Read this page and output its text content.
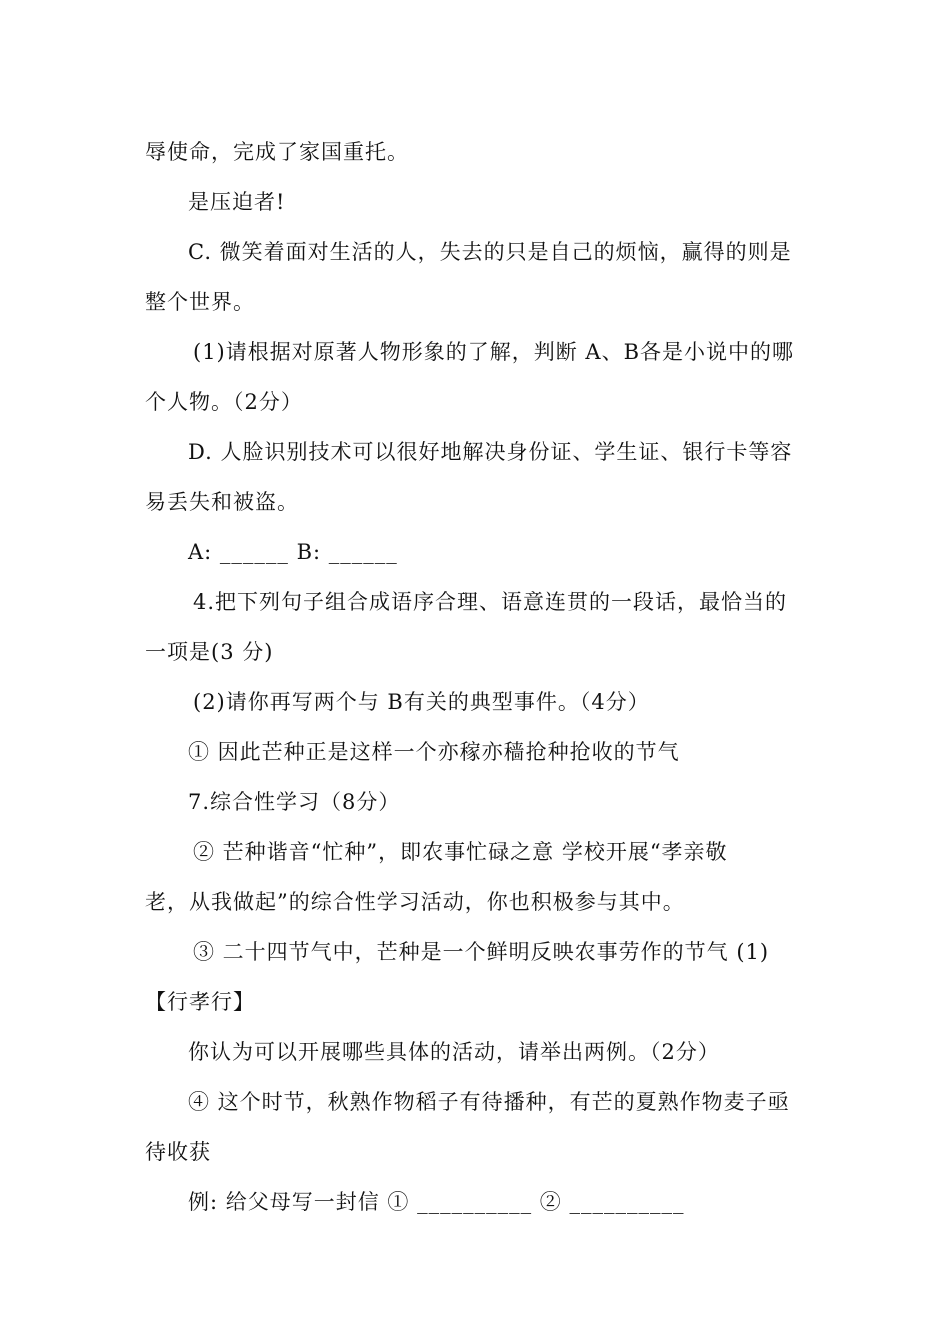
辱使命，完成了家国重托。
是压迫者!
C. 微笑着面对生活的人，失去的只是自己的烦恼，赢得的则是
整个世界。
(1)请根据对原著人物形象的了解，判断 A、B各是小说中的哪
个人物。（2分）
D. 人脸识别技术可以很好地解决身份证、学生证、银行卡等容
易丢失和被盗。
A: ______ B: ______
4.把下列句子组合成语序合理、语意连贯的一段话，最恰当的
一项是(3 分)
(2)请你再写两个与 B有关的典型事件。（4分）
① 因此芒种正是这样一个亦稼亦穑抢种抢收的节气
7.综合性学习（8分）
② 芒种谐音“忙种”，即农事忙碌之意 学校开展“孝亲敬
老，从我做起”的综合性学习活动，你也积极参与其中。
③ 二十四节气中，芒种是一个鲜明反映农事劳作的节气 (1)
【行孝行】
你认为可以开展哪些具体的活动，请举出两例。（2分）
④ 这个时节，秋熟作物稻子有待播种，有芒的夏熟作物麦子亟
待收获
例: 给父母写一封信 ① __________ ② __________
